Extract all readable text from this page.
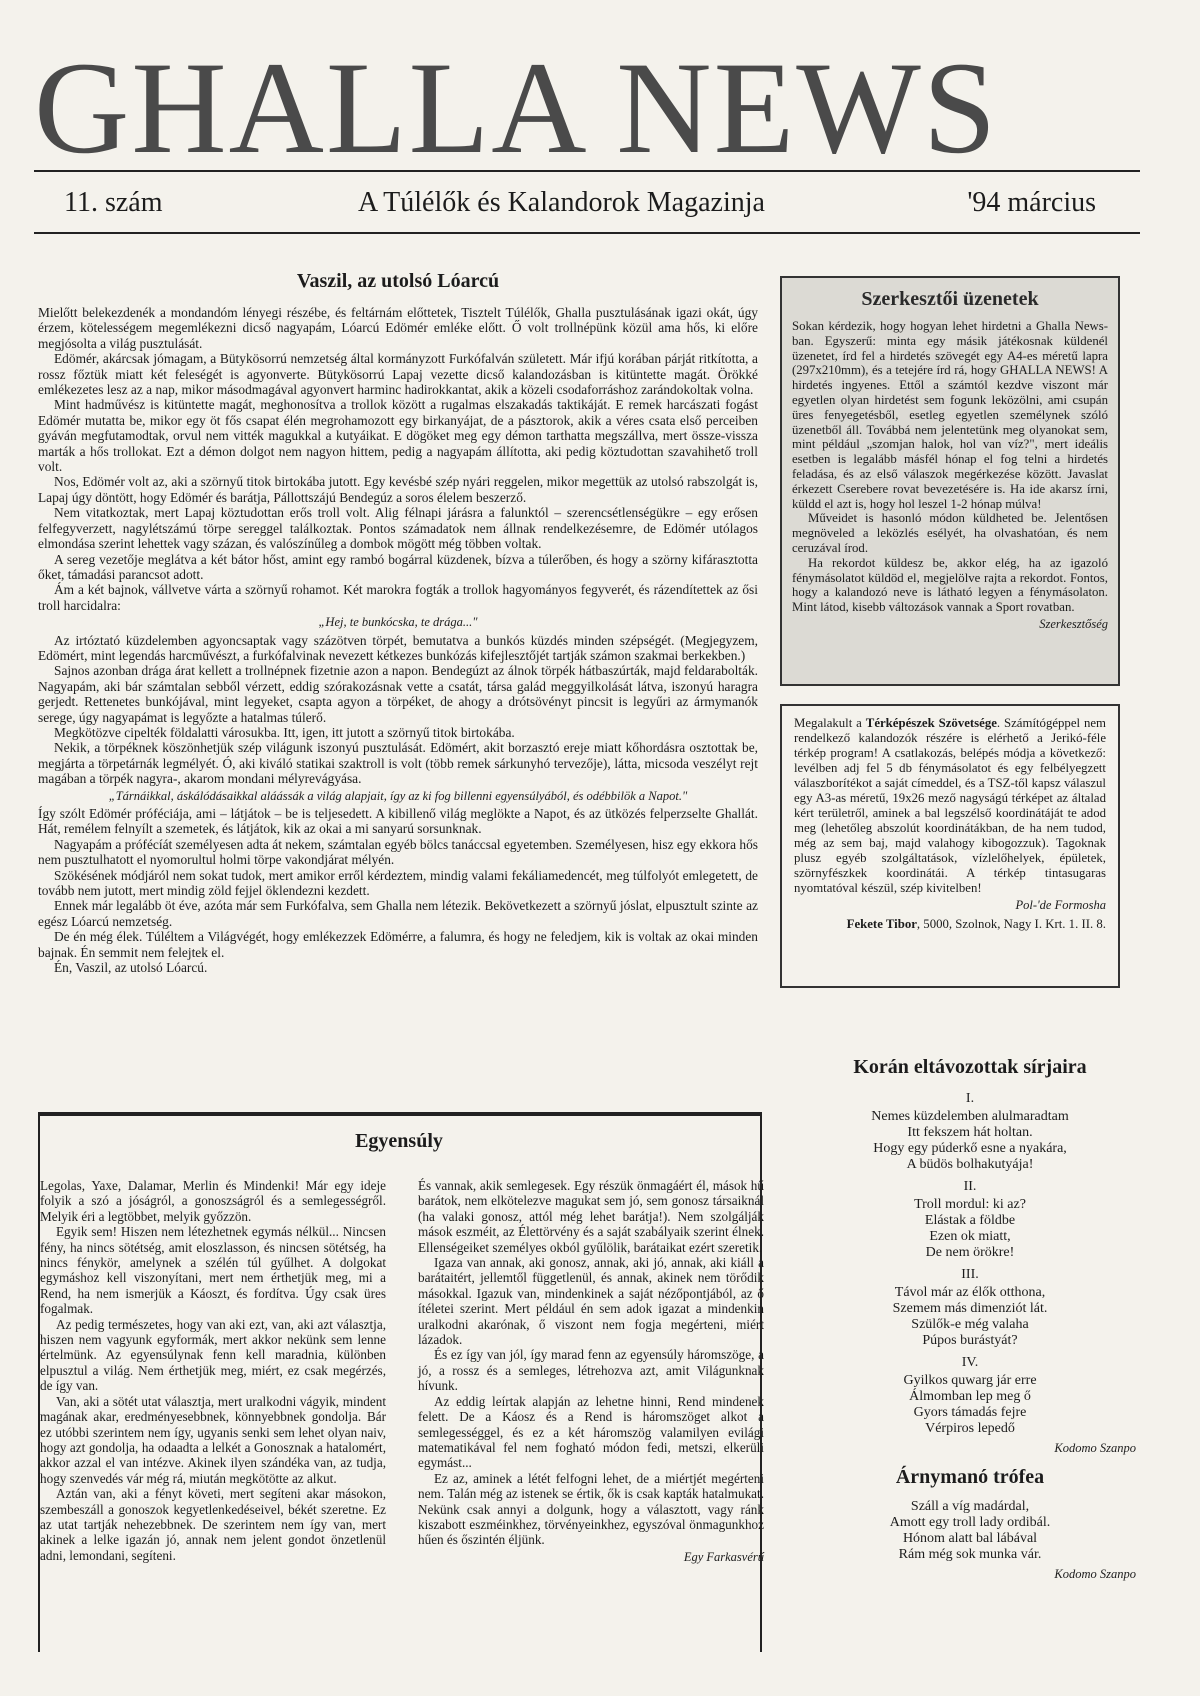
GHALLA NEWS
11. szám	A Túlélők és Kalandorok Magazinja	'94 március
Vaszil, az utolsó Lóarcú

Mielőtt belekezdenék a mondandóm lényegi részébe, és feltárnám előttetek, Tisztelt Túlélők, Ghalla pusztulásának igazi okát, úgy érzem, kötelességem megemlékezni dicső nagyapám, Lóarcú Edömér emléke előtt. Ő volt trollnépünk közül ama hős, ki előre megjósolta a világ pusztulását.

Edömér, akárcsak jómagam, a Bütykösorrú nemzetség által kormányzott Furkófalván született. Már ifjú korában párját ritkította, a rossz főztük miatt két feleségét is agyonverte. Bütykösorrú Lapaj vezette dicső kalandozásban is kitüntette magát. Örökké emlékezetes lesz az a nap, mikor másodmagával agyonvert harminc hadirokkantat, akik a közeli csodaforráshoz zarándokoltak volna.

Mint hadművész is kitüntette magát, meghonosítva a trollok között a rugalmas elszakadás taktikáját. E remek harcászati fogást Edömér mutatta be, mikor egy öt fős csapat élén megrohamozott egy birkanyájat, de a pásztorok, akik a véres csata első perceiben gyáván megfutamodtak, orvul nem vitték magukkal a kutyáikat. E dögöket meg egy démon tarthatta megszállva, mert össze-vissza marták a hős trollokat. Ezt a démon dolgot nem nagyon hittem, pedig a nagyapám állította, aki pedig köztudottan szavahihető troll volt.

Nos, Edömér volt az, aki a szörnyű titok birtokába jutott. Egy kevésbé szép nyári reggelen, mikor megettük az utolsó rabszolgát is, Lapaj úgy döntött, hogy Edömér és barátja, Pállottszájú Bendegúz a soros élelem beszerző.

Nem vitatkoztak, mert Lapaj köztudottan erős troll volt. Alig félnapi járásra a falunktól – szerencsétlenségükre – egy erősen felfegyverzett, nagylétszámú törpe sereggel találkoztak. Pontos számadatok nem állnak rendelkezésemre, de Edömér utólagos elmondása szerint lehettek vagy százan, és valószínűleg a dombok mögött még többen voltak.

A sereg vezetője meglátva a két bátor hőst, amint egy rambó bogárral küzdenek, bízva a túlerőben, és hogy a szörny kifárasztotta őket, támadási parancsot adott.

Ám a két bajnok, vállvetve várta a szörnyű rohamot. Két marokra fogták a trollok hagyományos fegyverét, és rázendítettek az ősi troll harcidalra:

„Hej, te bunkócska, te drága..."

Az irtóztató küzdelemben agyoncsaptak vagy százötven törpét, bemutatva a bunkós küzdés minden szépségét. (Megjegyzem, Edömért, mint legendás harcművészt, a furkófalvinak nevezett kétkezes bunkózás kifejlesztőjét tartják számon szakmai berkekben.)

Sajnos azonban drága árat kellett a trollnépnek fizetnie azon a napon. Bendegúzt az álnok törpék hátbaszúrták, majd feldarabolták. Nagyapám, aki bár számtalan sebből vérzett, eddig szórakozásnak vette a csatát, társa galád meggyilkolását látva, iszonyú haragra gerjedt. Rettenetes bunkójával, mint legyeket, csapta agyon a törpéket, de ahogy a drótsövényt pincsit is legyűri az ármymanók serege, úgy nagyapámat is legyőzte a hatalmas túlerő.

Megkötözve cipelték földalatti városukba. Itt, igen, itt jutott a szörnyű titok birtokába.

Nekik, a törpéknek köszönhetjük szép világunk iszonyú pusztulását. Edömért, akit borzasztó ereje miatt kőhordásra osztottak be, megjárta a törpetárnák legmélyét. Ó, aki kiváló statikai szaktroll is volt (több remek sárkunyhó tervezője), látta, micsoda veszélyt rejt magában a törpék nagyra-, akarom mondani mélyrevágyása.

„Tárnáikkal, áskálódásaikkal aláássák a világ alapjait, így az ki fog billenni egyensúlyából, és odébbilök a Napot."

Így szólt Edömér próféciája, ami – látjátok – be is teljesedett. A kibillenő világ meglökte a Napot, és az ütközés felperzselte Ghallát. Hát, remélem felnyílt a szemetek, és látjátok, kik az okai a mi sanyarú sorsunknak.

Nagyapám a prófécíát személyesen adta át nekem, számtalan egyéb bölcs tanáccsal egyetemben. Személyesen, hisz egy ekkora hős nem pusztulhatott el nyomorultul holmi törpe vakondjárat mélyén.

Szökésének módjáról nem sokat tudok, mert amikor erről kérdeztem, mindig valami fekáliamedencét, meg túlfolyót emlegetett, de tovább nem jutott, mert mindig zöld fejjel öklendezni kezdett.

Ennek már legalább öt éve, azóta már sem Furkófalva, sem Ghalla nem létezik. Bekövetkezett a szörnyű jóslat, elpusztult szinte az egész Lóarcú nemzetség.

De én még élek. Túléltem a Világvégét, hogy emlékezzek Edömérre, a falumra, és hogy ne feledjem, kik is voltak az okai minden bajnak. Én semmit nem felejtek el.

Én, Vaszil, az utolsó Lóarcú.

Szerkesztői üzenetek

Sokan kérdezik, hogy hogyan lehet hirdetni a Ghalla News-ban. Egyszerű: minta egy másik játékosnak küldenél üzenetet, írd fel a hirdetés szövegét egy A4-es méretű lapra (297x210mm), és a tetejére írd rá, hogy GHALLA NEWS! A hirdetés ingyenes. Ettől a számtól kezdve viszont már egyetlen olyan hirdetést sem fogunk leközölni, ami csupán üres fenyegetésből, esetleg egyetlen személynek szóló üzenetből áll. Továbbá nem jelentetünk meg olyanokat sem, mint például „szomjan halok, hol van víz?", mert ideális esetben is legalább másfél hónap el fog telni a hirdetés feladása, és az első válaszok megérkezése között. Javaslat érkezett Cserebere rovat bevezetésére is. Ha ide akarsz írni, küldd el azt is, hogy hol leszel 1-2 hónap múlva!

Műveidet is hasonló módon küldheted be. Jelentősen megnöveled a leközlés esélyét, ha olvashatóan, és nem ceruzával írod.

Ha rekordot küldesz be, akkor elég, ha az igazoló fénymásolatot küldöd el, megjelölve rajta a rekordot. Fontos, hogy a kalandozó neve is látható legyen a fénymásolaton. Mint látod, kisebb változások vannak a Sport rovatban.

Szerkesztőség

Megalakult a Térképészek Szövetsége. Számítógéppel nem rendelkező kalandozók részére is elérhető a Jerikó-féle térkép program! A csatlakozás, belépés módja a következő: levélben adj fel 5 db fénymásolatot és egy felbélyegzett válaszborítékot a saját címeddel, és a TSZ-től kapsz válaszul egy A3-as méretű, 19x26 mező nagyságú térképet az általad kért területről, aminek a bal legszélső koordinátáját te adod meg (lehetőleg abszolút koordinátákban, de ha nem tudod, még az sem baj, majd valahogy kibogozzuk). Tagoknak plusz egyéb szolgáltatások, vízlelőhelyek, épületek, szörnyfészkek koordinátái. A térkép tintasugaras nyomtatóval készül, szép kivitelben!

Pol-'de Formosha

Fekete Tibor, 5000, Szolnok, Nagy I. Krt. 1. II. 8.
Egyensúly

Legolas, Yaxe, Dalamar, Merlin és Mindenki! Már egy ideje folyik a szó a jóságról, a gonoszságról és a semlegességről. Melyik éri a legtöbbet, melyik győzzön.

Egyik sem! Hiszen nem létezhetnek egymás nélkül... Nincsen fény, ha nincs sötétség, amit eloszlasson, és nincsen sötétség, ha nincs fénykör, amelynek a szélén túl gyűlhet. A dolgokat egymáshoz kell viszonyítani, mert nem érthetjük meg, mi a Rend, ha nem ismerjük a Káoszt, és fordítva. Úgy csak üres fogalmak.

Az pedig természetes, hogy van aki ezt, van, aki azt választja, hiszen nem vagyunk egyformák, mert akkor nekünk sem lenne értelmünk. Az egyensúlynak fenn kell maradnia, különben elpusztul a világ. Nem érthetjük meg, miért, ez csak megérzés, de így van.

Van, aki a sötét utat választja, mert uralkodni vágyik, mindent magának akar, eredményesebbnek, könnyebbnek gondolja. Bár ez utóbbi szerintem nem így, ugyanis senki sem lehet olyan naiv, hogy azt gondolja, ha odaadta a lelkét a Gonosznak a hatalomért, akkor azzal el van intézve. Akinek ilyen szándéka van, az tudja, hogy szenvedés vár még rá, miután megkötötte az alkut.

Aztán van, aki a fényt követi, mert segíteni akar másokon, szembeszáll a gonoszok kegyetlenkedéseivel, békét szeretne. Ez az utat tartják nehezebbnek. De szerintem nem így van, mert akinek a lelke igazán jó, annak nem jelent gondot önzetlenül adni, lemondani, segíteni.

És vannak, akik semlegesek. Egy részük önmagáért él, mások hű barátok, nem elkötelezve magukat sem jó, sem gonosz társaiknál (ha valaki gonosz, attól még lehet barátja!). Nem szolgálják mások eszméit, az Élettörvény és a saját szabályaik szerint élnek. Ellenségeiket személyes okból gyűlölik, barátaikat ezért szeretik.

Igaza van annak, aki gonosz, annak, aki jó, annak, aki kiáll a barátaitért, jellemtől függetlenül, és annak, akinek nem törődik másokkal. Igazuk van, mindenkinek a saját nézőpontjából, az ő ítéletei szerint. Mert például én sem adok igazat a mindenkin uralkodni akarónak, ő viszont nem fogja megérteni, miért lázadok.

És ez így van jól, így marad fenn az egyensúly háromszöge, a jó, a rossz és a semleges, létrehozva azt, amit Világunknak hívunk.

Az eddig leírtak alapján az lehetne hinni, Rend mindenek felett. De a Káosz és a Rend is háromszöget alkot a semlegességgel, és ez a két háromszög valamilyen evilági matematikával fel nem fogható módon fedi, metszi, elkerüli egymást...

Ez az, aminek a létét felfogni lehet, de a miértjét megérteni nem. Talán még az istenek se értik, ők is csak kapták hatalmukat. Nekünk csak annyi a dolgunk, hogy a választott, vagy ránk kiszabott eszméinkhez, törvényeinkhez, egyszóval önmagunkhoz hűen és őszintén éljünk.

Egy Farkasvérű

Korán eltávozottak sírjaira
I.
Nemes küzdelemben alulmaradtam
Itt fekszem hát holtan.
Hogy egy púderkő esne a nyakára,
A büdös bolhakutyája!
II.
Troll mordul: ki az?
Elástak a földbe
Ezen ok miatt,
De nem örökre!
III.
Távol már az élők otthona,
Szemem más dimenziót lát.
Szülők-e még valaha
Púpos burástyát?
IV.
Gyilkos quwarg jár erre
Álmomban lep meg ő
Gyors támadás fejre
Vérpiros lepedő
Kodomo Szanpo
Árnymanó trófea
Száll a víg madárdal,
Amott egy troll lady ordibál.
Hónom alatt bal lábával
Rám még sok munka vár.
Kodomo Szanpo
